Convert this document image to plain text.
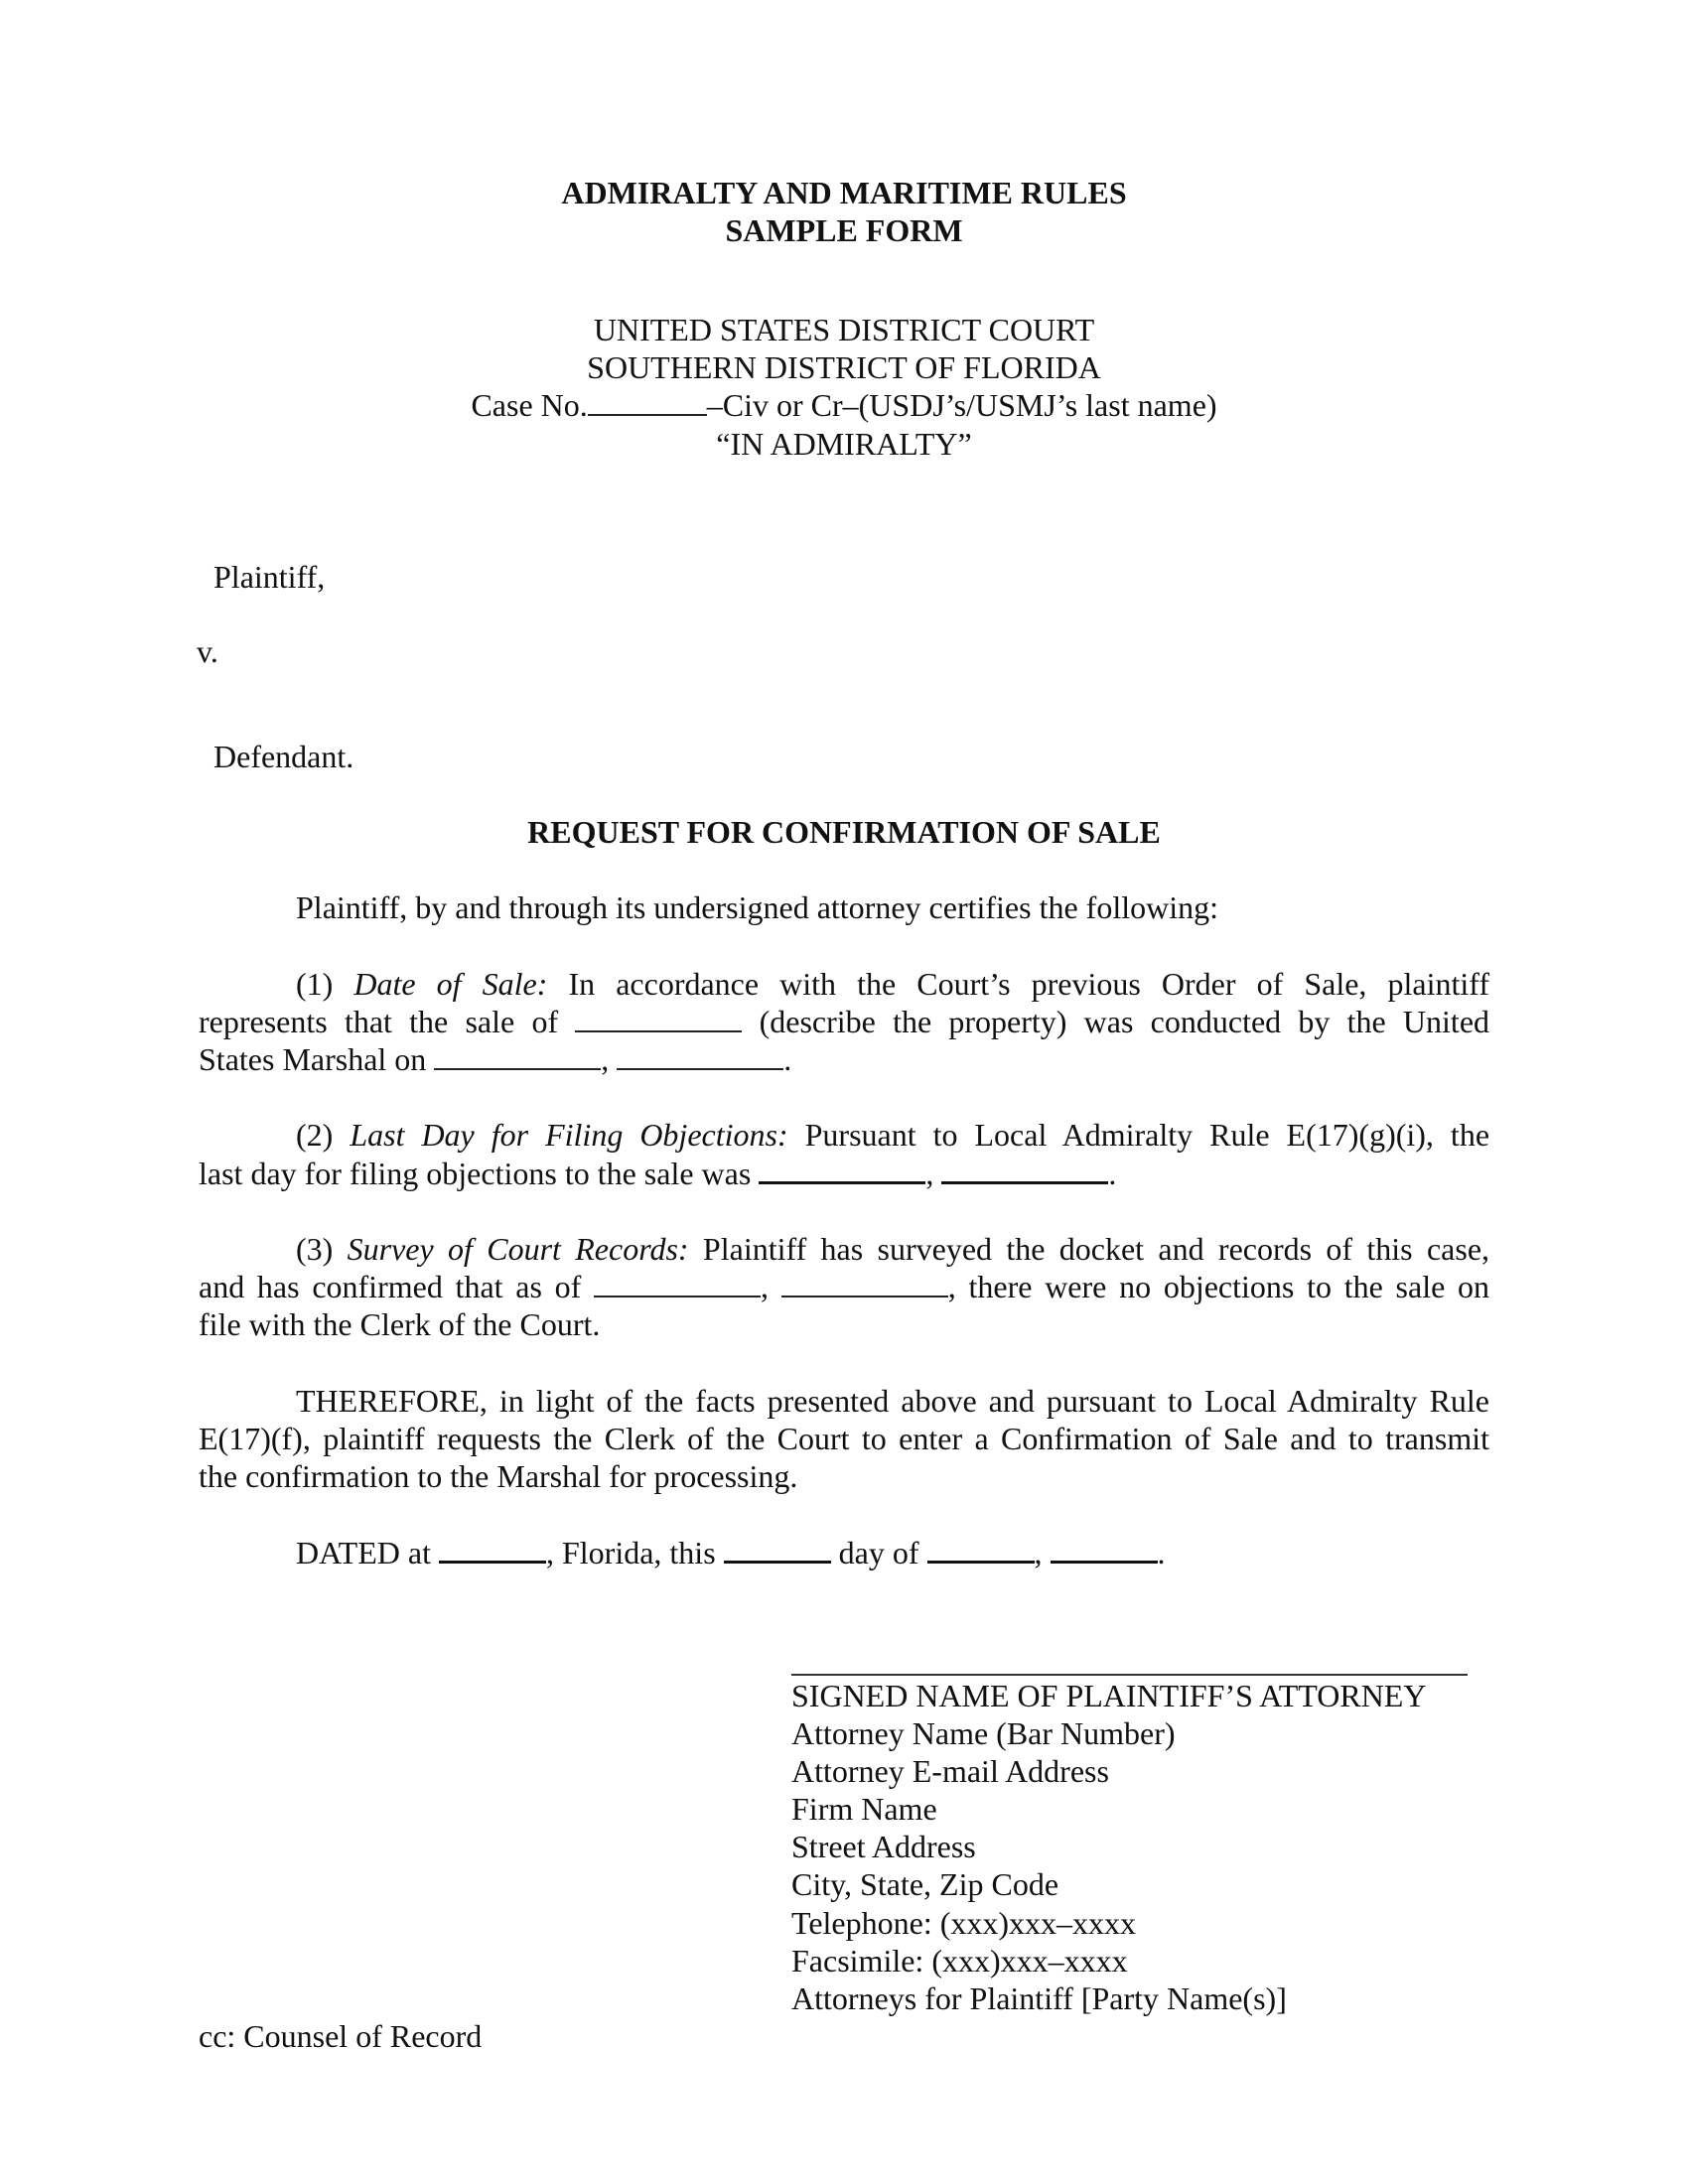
ADMIRALTY AND MARITIME RULES
SAMPLE FORM
UNITED STATES DISTRICT COURT
SOUTHERN DISTRICT OF FLORIDA
Case No.	–Civ or Cr–(USDJ’s/USMJ’s last name)
“IN ADMIRALTY”
Plaintiff,
v.
Defendant.
REQUEST FOR CONFIRMATION OF SALE
Plaintiff, by and through its undersigned attorney certifies the following:
(1) Date of Sale: In accordance with the Court’s previous Order of Sale, plaintiff
represents that the sale of	(describe the property) was conducted by the United
States Marshal on	,	.
(2) Last Day for Filing Objections: Pursuant to Local Admiralty Rule E(17)(g)(i), the
last day for filing objections to the sale was	,	.
(3) Survey of Court Records: Plaintiff has surveyed the docket and records of this case,
and has confirmed that as of	,	, there were no objections to the sale on
file with the Clerk of the Court.
THEREFORE, in light of the facts presented above and pursuant to Local Admiralty Rule
E(17)(f), plaintiff requests the Clerk of the Court to enter a Confirmation of Sale and to transmit
the confirmation to the Marshal for processing.
DATED at	, Florida, this	day of	,	.
SIGNED NAME OF PLAINTIFF’S ATTORNEY
Attorney Name (Bar Number)
Attorney E-mail Address
Firm Name
Street Address
City, State, Zip Code
Telephone: (xxx)xxx–xxxx
Facsimile: (xxx)xxx–xxxx
Attorneys for Plaintiff [Party Name(s)]
cc: Counsel of Record
